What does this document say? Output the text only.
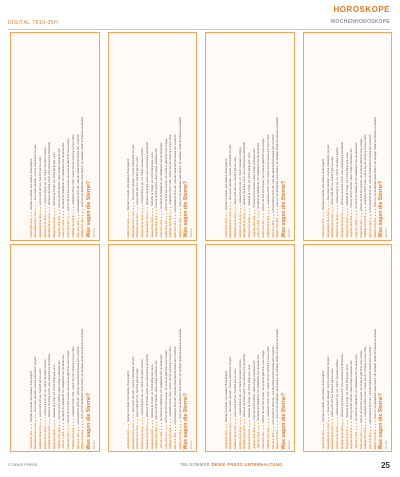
DIGITAL 7610-25H
HOROSKOPE
WOCHENHOROSKOPE
Widder 21.3.-20.4. ♥♥♥ Kraft und Mut bestimmen diese Woche. Ein wichtiger Termin läuft besser als erwartet.
Stier 21.4.-20.5. ♥♥ Ruhe bewahren lohnt sich. Eine alte Bekanntschaft meldet sich unverhofft.
Zwillinge 21.5.-21.6. ♥♥♥ Gespräche öffnen Türen. Nutzen Sie den Schwung für neue Pläne.
Krebs 22.6.-22.7. ♥♥ Gönnen Sie sich eine Auszeit. Das Zuhause gibt Ihnen neue Energie.
Löwe 23.7.-23.8. ♥♥♥ Sie stehen im Mittelpunkt. Ein Kompliment freut Sie besonders.
Jungfrau 24.8.-23.9. ♥♥ Ordnung schafft Klarheit. Kleine Erfolge summieren sich.
Waage 24.9.-23.10. ♥♥♥ Harmonie ist Trumpf. Ein Treffen bringt gute Laune.
Skorpion 24.10.-22.11. ♥♥ Vertrauen Sie Ihrem Gefühl. Eine Entscheidung fällt leichter.
Schütze 23.11.-21.12. ♥♥♥ Reiselust liegt in der Luft. Planen Sie etwas Schönes.
Steinbock 22.12.-20.1. ♥♥ Geduld zahlt sich aus. Beruflich geht es voran.
Wassermann 21.1.-19.2. ♥♥♥ Neue Ideen sprudeln. Freunde unterstützen Sie gern.
Fische 20.2.-20.3. ♥♥ Träumen ist erlaubt. Eine kreative Phase beginnt.	Was sagen die Sterne? Woche
Widder 21.3.-20.4. ♥♥♥ Kraft und Mut bestimmen diese Woche. Ein wichtiger Termin läuft besser als erwartet.
Stier 21.4.-20.5. ♥♥ Ruhe bewahren lohnt sich. Eine alte Bekanntschaft meldet sich unverhofft.
Zwillinge 21.5.-21.6. ♥♥♥ Gespräche öffnen Türen. Nutzen Sie den Schwung für neue Pläne.
Krebs 22.6.-22.7. ♥♥ Gönnen Sie sich eine Auszeit. Das Zuhause gibt Ihnen neue Energie.
Löwe 23.7.-23.8. ♥♥♥ Sie stehen im Mittelpunkt. Ein Kompliment freut Sie besonders.
Jungfrau 24.8.-23.9. ♥♥ Ordnung schafft Klarheit. Kleine Erfolge summieren sich.
Waage 24.9.-23.10. ♥♥♥ Harmonie ist Trumpf. Ein Treffen bringt gute Laune.
Skorpion 24.10.-22.11. ♥♥ Vertrauen Sie Ihrem Gefühl. Eine Entscheidung fällt leichter.
Schütze 23.11.-21.12. ♥♥♥ Reiselust liegt in der Luft. Planen Sie etwas Schönes.
Steinbock 22.12.-20.1. ♥♥ Geduld zahlt sich aus. Beruflich geht es voran.
Wassermann 21.1.-19.2. ♥♥♥ Neue Ideen sprudeln. Freunde unterstützen Sie gern.
Fische 20.2.-20.3. ♥♥ Träumen ist erlaubt. Eine kreative Phase beginnt.	Was sagen die Sterne? Woche
Widder 21.3.-20.4. ♥♥♥ Kraft und Mut bestimmen diese Woche. Ein wichtiger Termin läuft besser als erwartet.
Stier 21.4.-20.5. ♥♥ Ruhe bewahren lohnt sich. Eine alte Bekanntschaft meldet sich unverhofft.
Zwillinge 21.5.-21.6. ♥♥♥ Gespräche öffnen Türen. Nutzen Sie den Schwung für neue Pläne.
Krebs 22.6.-22.7. ♥♥ Gönnen Sie sich eine Auszeit. Das Zuhause gibt Ihnen neue Energie.
Löwe 23.7.-23.8. ♥♥♥ Sie stehen im Mittelpunkt. Ein Kompliment freut Sie besonders.
Jungfrau 24.8.-23.9. ♥♥ Ordnung schafft Klarheit. Kleine Erfolge summieren sich.
Waage 24.9.-23.10. ♥♥♥ Harmonie ist Trumpf. Ein Treffen bringt gute Laune.
Skorpion 24.10.-22.11. ♥♥ Vertrauen Sie Ihrem Gefühl. Eine Entscheidung fällt leichter.
Schütze 23.11.-21.12. ♥♥♥ Reiselust liegt in der Luft. Planen Sie etwas Schönes.
Steinbock 22.12.-20.1. ♥♥ Geduld zahlt sich aus. Beruflich geht es voran.
Wassermann 21.1.-19.2. ♥♥♥ Neue Ideen sprudeln. Freunde unterstützen Sie gern.
Fische 20.2.-20.3. ♥♥ Träumen ist erlaubt. Eine kreative Phase beginnt.	Was sagen die Sterne? Woche
Widder 21.3.-20.4. ♥♥♥ Kraft und Mut bestimmen diese Woche. Ein wichtiger Termin läuft besser als erwartet.
Stier 21.4.-20.5. ♥♥ Ruhe bewahren lohnt sich. Eine alte Bekanntschaft meldet sich unverhofft.
Zwillinge 21.5.-21.6. ♥♥♥ Gespräche öffnen Türen. Nutzen Sie den Schwung für neue Pläne.
Krebs 22.6.-22.7. ♥♥ Gönnen Sie sich eine Auszeit. Das Zuhause gibt Ihnen neue Energie.
Löwe 23.7.-23.8. ♥♥♥ Sie stehen im Mittelpunkt. Ein Kompliment freut Sie besonders.
Jungfrau 24.8.-23.9. ♥♥ Ordnung schafft Klarheit. Kleine Erfolge summieren sich.
Waage 24.9.-23.10. ♥♥♥ Harmonie ist Trumpf. Ein Treffen bringt gute Laune.
Skorpion 24.10.-22.11. ♥♥ Vertrauen Sie Ihrem Gefühl. Eine Entscheidung fällt leichter.
Schütze 23.11.-21.12. ♥♥♥ Reiselust liegt in der Luft. Planen Sie etwas Schönes.
Steinbock 22.12.-20.1. ♥♥ Geduld zahlt sich aus. Beruflich geht es voran.
Wassermann 21.1.-19.2. ♥♥♥ Neue Ideen sprudeln. Freunde unterstützen Sie gern.
Fische 20.2.-20.3. ♥♥ Träumen ist erlaubt. Eine kreative Phase beginnt.	Was sagen die Sterne? Woche
Widder 21.3.-20.4. ♥♥♥ Kraft und Mut bestimmen diese Woche. Ein wichtiger Termin läuft besser als erwartet.
Stier 21.4.-20.5. ♥♥ Ruhe bewahren lohnt sich. Eine alte Bekanntschaft meldet sich unverhofft.
Zwillinge 21.5.-21.6. ♥♥♥ Gespräche öffnen Türen. Nutzen Sie den Schwung für neue Pläne.
Krebs 22.6.-22.7. ♥♥ Gönnen Sie sich eine Auszeit. Das Zuhause gibt Ihnen neue Energie.
Löwe 23.7.-23.8. ♥♥♥ Sie stehen im Mittelpunkt. Ein Kompliment freut Sie besonders.
Jungfrau 24.8.-23.9. ♥♥ Ordnung schafft Klarheit. Kleine Erfolge summieren sich.
Waage 24.9.-23.10. ♥♥♥ Harmonie ist Trumpf. Ein Treffen bringt gute Laune.
Skorpion 24.10.-22.11. ♥♥ Vertrauen Sie Ihrem Gefühl. Eine Entscheidung fällt leichter.
Schütze 23.11.-21.12. ♥♥♥ Reiselust liegt in der Luft. Planen Sie etwas Schönes.
Steinbock 22.12.-20.1. ♥♥ Geduld zahlt sich aus. Beruflich geht es voran.
Wassermann 21.1.-19.2. ♥♥♥ Neue Ideen sprudeln. Freunde unterstützen Sie gern.
Fische 20.2.-20.3. ♥♥ Träumen ist erlaubt. Eine kreative Phase beginnt.	Was sagen die Sterne? Woche
Widder 21.3.-20.4. ♥♥♥ Kraft und Mut bestimmen diese Woche. Ein wichtiger Termin läuft besser als erwartet.
Stier 21.4.-20.5. ♥♥ Ruhe bewahren lohnt sich. Eine alte Bekanntschaft meldet sich unverhofft.
Zwillinge 21.5.-21.6. ♥♥♥ Gespräche öffnen Türen. Nutzen Sie den Schwung für neue Pläne.
Krebs 22.6.-22.7. ♥♥ Gönnen Sie sich eine Auszeit. Das Zuhause gibt Ihnen neue Energie.
Löwe 23.7.-23.8. ♥♥♥ Sie stehen im Mittelpunkt. Ein Kompliment freut Sie besonders.
Jungfrau 24.8.-23.9. ♥♥ Ordnung schafft Klarheit. Kleine Erfolge summieren sich.
Waage 24.9.-23.10. ♥♥♥ Harmonie ist Trumpf. Ein Treffen bringt gute Laune.
Skorpion 24.10.-22.11. ♥♥ Vertrauen Sie Ihrem Gefühl. Eine Entscheidung fällt leichter.
Schütze 23.11.-21.12. ♥♥♥ Reiselust liegt in der Luft. Planen Sie etwas Schönes.
Steinbock 22.12.-20.1. ♥♥ Geduld zahlt sich aus. Beruflich geht es voran.
Wassermann 21.1.-19.2. ♥♥♥ Neue Ideen sprudeln. Freunde unterstützen Sie gern.
Fische 20.2.-20.3. ♥♥ Träumen ist erlaubt. Eine kreative Phase beginnt.	Was sagen die Sterne? Woche
Widder 21.3.-20.4. ♥♥♥ Kraft und Mut bestimmen diese Woche. Ein wichtiger Termin läuft besser als erwartet.
Stier 21.4.-20.5. ♥♥ Ruhe bewahren lohnt sich. Eine alte Bekanntschaft meldet sich unverhofft.
Zwillinge 21.5.-21.6. ♥♥♥ Gespräche öffnen Türen. Nutzen Sie den Schwung für neue Pläne.
Krebs 22.6.-22.7. ♥♥ Gönnen Sie sich eine Auszeit. Das Zuhause gibt Ihnen neue Energie.
Löwe 23.7.-23.8. ♥♥♥ Sie stehen im Mittelpunkt. Ein Kompliment freut Sie besonders.
Jungfrau 24.8.-23.9. ♥♥ Ordnung schafft Klarheit. Kleine Erfolge summieren sich.
Waage 24.9.-23.10. ♥♥♥ Harmonie ist Trumpf. Ein Treffen bringt gute Laune.
Skorpion 24.10.-22.11. ♥♥ Vertrauen Sie Ihrem Gefühl. Eine Entscheidung fällt leichter.
Schütze 23.11.-21.12. ♥♥♥ Reiselust liegt in der Luft. Planen Sie etwas Schönes.
Steinbock 22.12.-20.1. ♥♥ Geduld zahlt sich aus. Beruflich geht es voran.
Wassermann 21.1.-19.2. ♥♥♥ Neue Ideen sprudeln. Freunde unterstützen Sie gern.
Fische 20.2.-20.3. ♥♥ Träumen ist erlaubt. Eine kreative Phase beginnt.	Was sagen die Sterne? Woche
Widder 21.3.-20.4. ♥♥♥ Kraft und Mut bestimmen diese Woche. Ein wichtiger Termin läuft besser als erwartet.
Stier 21.4.-20.5. ♥♥ Ruhe bewahren lohnt sich. Eine alte Bekanntschaft meldet sich unverhofft.
Zwillinge 21.5.-21.6. ♥♥♥ Gespräche öffnen Türen. Nutzen Sie den Schwung für neue Pläne.
Krebs 22.6.-22.7. ♥♥ Gönnen Sie sich eine Auszeit. Das Zuhause gibt Ihnen neue Energie.
Löwe 23.7.-23.8. ♥♥♥ Sie stehen im Mittelpunkt. Ein Kompliment freut Sie besonders.
Jungfrau 24.8.-23.9. ♥♥ Ordnung schafft Klarheit. Kleine Erfolge summieren sich.
Waage 24.9.-23.10. ♥♥♥ Harmonie ist Trumpf. Ein Treffen bringt gute Laune.
Skorpion 24.10.-22.11. ♥♥ Vertrauen Sie Ihrem Gefühl. Eine Entscheidung fällt leichter.
Schütze 23.11.-21.12. ♥♥♥ Reiselust liegt in der Luft. Planen Sie etwas Schönes.
Steinbock 22.12.-20.1. ♥♥ Geduld zahlt sich aus. Beruflich geht es voran.
Wassermann 21.1.-19.2. ♥♥♥ Neue Ideen sprudeln. Freunde unterstützen Sie gern.
Fische 20.2.-20.3. ♥♥ Träumen ist erlaubt. Eine kreative Phase beginnt.	Was sagen die Sterne? Woche
© DEIKE PRESS	765 SOMMER DEIKE PRESS UNTERHALTUNG	25
